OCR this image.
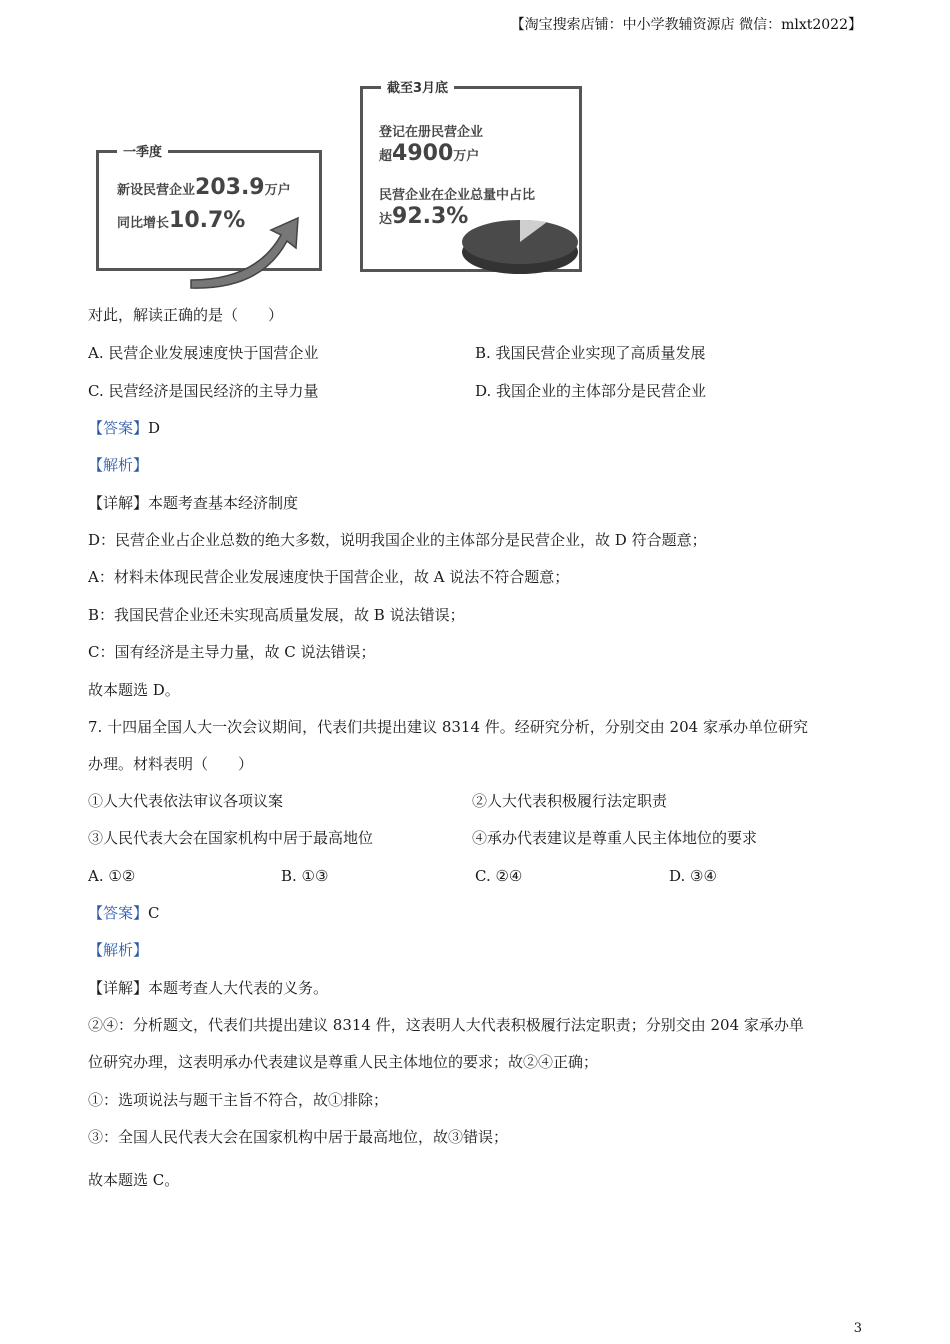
【淘宝搜索店铺：中小学教辅资源店 微信：mlxt2022】
一季度
新设民营企业203.9万户
同比增长10.7%
截至3月底
登记在册民营企业
超4900万户
民营企业在企业总量中占比
达92.3%
对此，解读正确的是（　　）
A. 民营企业发展速度快于国营企业	B. 我国民营企业实现了高质量发展
C. 民营经济是国民经济的主导力量	D. 我国企业的主体部分是民营企业
【答案】D
【解析】
【详解】本题考查基本经济制度
D：民营企业占企业总数的绝大多数，说明我国企业的主体部分是民营企业，故 D 符合题意；
A：材料未体现民营企业发展速度快于国营企业，故 A 说法不符合题意；
B：我国民营企业还未实现高质量发展，故 B 说法错误；
C：国有经济是主导力量，故 C 说法错误；
故本题选 D。
7. 十四届全国人大一次会议期间，代表们共提出建议 8314 件。经研究分析，分别交由 204 家承办单位研究
办理。材料表明（　　）
①人大代表依法审议各项议案	②人大代表积极履行法定职责
③人民代表大会在国家机构中居于最高地位	④承办代表建议是尊重人民主体地位的要求
A. ①②	B. ①③	C. ②④	D. ③④
【答案】C
【解析】
【详解】本题考查人大代表的义务。
②④：分析题文，代表们共提出建议 8314 件，这表明人大代表积极履行法定职责；分别交由 204 家承办单
位研究办理，这表明承办代表建议是尊重人民主体地位的要求；故②④正确；
①：选项说法与题干主旨不符合，故①排除；
③：全国人民代表大会在国家机构中居于最高地位，故③错误；
故本题选 C。
3
